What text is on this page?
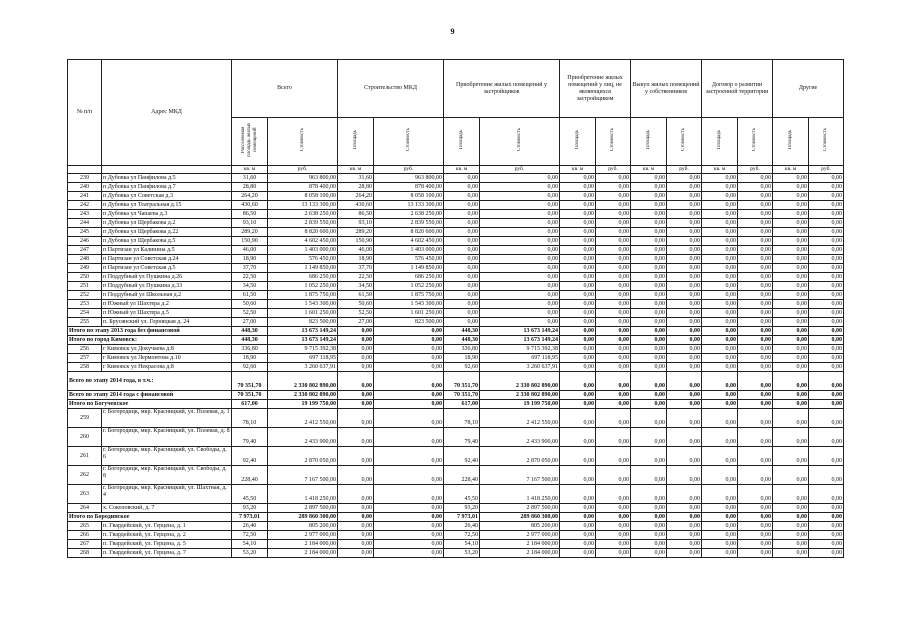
9
№ п/п	Адрес МКД	Всего		Строительство МКД		Приобретение жилых помещений у застройщиков		Приобретение жилых помещений у лиц, не являющихся застройщиком		Выкуп жилых помещений у собственников		Договор о развитии застроенной территории		Другие	
		Расселяемая площадь жилых помещений	Стоимость	Площадь	Стоимость	Площадь	Стоимость	Площадь	Стоимость	Площадь	Стоимость	Площадь	Стоимость	Площадь	Стоимость
		кв. м	руб.	кв. м	руб.	кв. м	руб.	кв. м	руб.	кв. м	руб.	кв. м	руб.	кв. м	руб.
239	п Дубовка ул Панфилова д.5	31,60	963 800,00	31,60	963 800,00	0,00	0,00	0,00	0,00	0,00	0,00	0,00	0,00	0,00	0,00
240	п Дубовка ул Панфилова д.7	28,80	878 400,00	28,80	878 400,00	0,00	0,00	0,00	0,00	0,00	0,00	0,00	0,00	0,00	0,00
241	п Дубовка ул Советская д.3	264,20	8 058 100,00	264,20	8 058 100,00	0,00	0,00	0,00	0,00	0,00	0,00	0,00	0,00	0,00	0,00
242	п Дубовка ул Театральная д.15	430,60	13 133 300,00	430,60	13 133 300,00	0,00	0,00	0,00	0,00	0,00	0,00	0,00	0,00	0,00	0,00
243	п Дубовка ул Чапаева д.3	86,50	2 638 250,00	86,50	2 638 250,00	0,00	0,00	0,00	0,00	0,00	0,00	0,00	0,00	0,00	0,00
244	п Дубовка ул Щербакова д.2	93,10	2 839 550,00	93,10	2 839 550,00	0,00	0,00	0,00	0,00	0,00	0,00	0,00	0,00	0,00	0,00
245	п Дубовка ул Щербакова д.22	289,20	8 820 600,00	289,20	8 820 600,00	0,00	0,00	0,00	0,00	0,00	0,00	0,00	0,00	0,00	0,00
246	п Дубовка ул Щербакова д.5	150,90	4 602 450,00	150,90	4 602 450,00	0,00	0,00	0,00	0,00	0,00	0,00	0,00	0,00	0,00	0,00
247	п Партизан ул Калинина д.5	46,00	1 403 000,00	46,00	1 403 000,00	0,00	0,00	0,00	0,00	0,00	0,00	0,00	0,00	0,00	0,00
248	п Партизан ул Советская д.24	18,90	576 450,00	18,90	576 450,00	0,00	0,00	0,00	0,00	0,00	0,00	0,00	0,00	0,00	0,00
249	п Партизан ул Советская д.5	37,70	1 149 850,00	37,70	1 149 850,00	0,00	0,00	0,00	0,00	0,00	0,00	0,00	0,00	0,00	0,00
250	п Поддубный ул Пушкина д.26	22,50	686 250,00	22,50	686 250,00	0,00	0,00	0,00	0,00	0,00	0,00	0,00	0,00	0,00	0,00
251	п Поддубный ул Пушкина д.33	34,50	1 052 250,00	34,50	1 052 250,00	0,00	0,00	0,00	0,00	0,00	0,00	0,00	0,00	0,00	0,00
252	п Поддубный ул Школьная д.2	61,50	1 875 750,00	61,50	1 875 750,00	0,00	0,00	0,00	0,00	0,00	0,00	0,00	0,00	0,00	0,00
253	п Южный ул Шахтера д.2	50,60	1 543 300,00	50,60	1 543 300,00	0,00	0,00	0,00	0,00	0,00	0,00	0,00	0,00	0,00	0,00
254	п Южный ул Шахтера д.5	52,50	1 601 250,00	52,50	1 601 250,00	0,00	0,00	0,00	0,00	0,00	0,00	0,00	0,00	0,00	0,00
255	п. Брусянский ул. Горняцкая д. 24	27,00	823 500,00	27,00	823 500,00	0,00	0,00	0,00	0,00	0,00	0,00	0,00	0,00	0,00	0,00
Итого по этапу 2013 года без финансовой		448,30	13 673 149,24	0,00	0,00	448,30	13 673 149,24	0,00	0,00	0,00	0,00	0,00	0,00	0,00	0,00
Итого по город Кимовск:		448,30	13 673 149,24	0,00	0,00	448,30	13 673 149,24	0,00	0,00	0,00	0,00	0,00	0,00	0,00	0,00
256	г Кимовск ул Докучаева д.8	336,80	9 715 392,38	0,00	0,00	336,80	9 715 392,38	0,00	0,00	0,00	0,00	0,00	0,00	0,00	0,00
257	г Кимовск ул Лермонтова д.10	18,90	697 118,95	0,00	0,00	18,90	697 118,95	0,00	0,00	0,00	0,00	0,00	0,00	0,00	0,00
258	г Кимовск ул Некрасова д.8	92,60	3 260 637,91	0,00	0,00	92,60	3 260 637,91	0,00	0,00	0,00	0,00	0,00	0,00	0,00	0,00
Всего по этапу 2014 года, в т.ч.:		70 351,70	2 330 802 890,00	0,00	0,00	70 351,70	2 330 802 890,00	0,00	0,00	0,00	0,00	0,00	0,00	0,00	0,00
Всего по этапу 2014 года с финансовой		70 351,70	2 330 802 890,00	0,00	0,00	70 351,70	2 330 802 890,00	0,00	0,00	0,00	0,00	0,00	0,00	0,00	0,00
Итого по Богучевское		617,00	19 199 750,00	0,00	0,00	617,00	19 199 750,00	0,00	0,00	0,00	0,00	0,00	0,00	0,00	0,00
259	г. Богородицк, мкр. Красницкий, ул. Полевая, д. 1	78,10	2 412 550,00	0,00	0,00	78,10	2 412 550,00	0,00	0,00	0,00	0,00	0,00	0,00	0,00	0,00
260	г. Богородицк, мкр. Красницкий, ул. Полевая, д. 8	79,40	2 433 900,00	0,00	0,00	79,40	2 433 900,00	0,00	0,00	0,00	0,00	0,00	0,00	0,00	0,00
261	г. Богородицк, мкр. Красницкий, ул. Свободы, д. 6	92,40	2 870 050,00	0,00	0,00	92,40	2 870 050,00	0,00	0,00	0,00	0,00	0,00	0,00	0,00	0,00
262	г. Богородицк, мкр. Красницкий, ул. Свободы, д. 8	228,40	7 167 500,00	0,00	0,00	228,40	7 167 500,00	0,00	0,00	0,00	0,00	0,00	0,00	0,00	0,00
263	г. Богородицк, мкр. Красницкий, ул. Шахтная, д. 4	45,50	1 418 250,00	0,00	0,00	45,50	1 418 250,00	0,00	0,00	0,00	0,00	0,00	0,00	0,00	0,00
264	х. Соколовский, д. 7	93,20	2 897 500,00	0,00	0,00	93,20	2 897 500,00	0,00	0,00	0,00	0,00	0,00	0,00	0,00	0,00
Итого по Бородинское		7 973,01	289 860 300,00	0,00	0,00	7 973,01	289 860 300,00	0,00	0,00	0,00	0,00	0,00	0,00	0,00	0,00
265	п. Гвардейский, ул. Герцена, д. 1	26,40	805 200,00	0,00	0,00	26,40	805 200,00	0,00	0,00	0,00	0,00	0,00	0,00	0,00	0,00
266	п. Гвардейский, ул. Герцена, д. 2	72,50	2 977 000,00	0,00	0,00	72,50	2 977 000,00	0,00	0,00	0,00	0,00	0,00	0,00	0,00	0,00
267	п. Гвардейский, ул. Герцена, д. 5	54,10	2 184 000,00	0,00	0,00	54,10	2 184 000,00	0,00	0,00	0,00	0,00	0,00	0,00	0,00	0,00
268	п. Гвардейский, ул. Герцена, д. 7	53,20	2 184 000,00	0,00	0,00	53,20	2 184 000,00	0,00	0,00	0,00	0,00	0,00	0,00	0,00	0,00
